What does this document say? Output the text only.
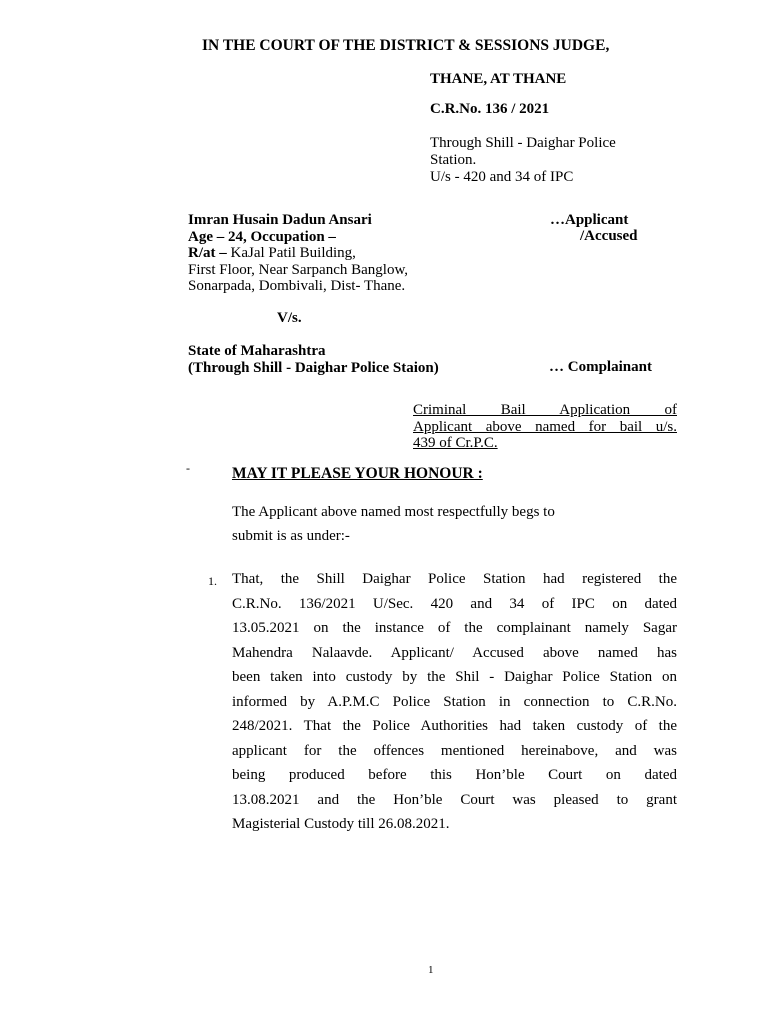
IN THE COURT OF THE DISTRICT & SESSIONS JUDGE,
THANE, AT THANE
C.R.No. 136 / 2021
Through Shill - Daighar Police
Station.
U/s - 420 and 34 of IPC
Imran Husain Dadun Ansari
Age – 24, Occupation –
R/at – KaJal Patil Building,
First Floor, Near Sarpanch Banglow,
Sonarpada, Dombivali, Dist- Thane.
…Applicant
/Accused
V/s.
State of Maharashtra
(Through Shill - Daighar Police Staion)	… Complainant
Criminal Bail Application of
Applicant above named for bail u/s.
439 of Cr.P.C.
-	MAY IT PLEASE YOUR HONOUR :
The Applicant above named most respectfully begs to
submit is as under:-
1. That, the Shill Daighar Police Station had registered the
C.R.No. 136/2021 U/Sec. 420 and 34 of IPC on dated
13.05.2021 on the instance of the complainant namely Sagar
Mahendra Nalaavde. Applicant/ Accused above named has
been taken into custody by the Shil - Daighar Police Station on
informed by A.P.M.C Police Station in connection to C.R.No.
248/2021. That the Police Authorities had taken custody of the
applicant for the offences mentioned hereinabove, and was
being produced before this Hon’ble Court on dated
13.08.2021 and the Hon’ble Court was pleased to grant
Magisterial Custody till 26.08.2021.
1
